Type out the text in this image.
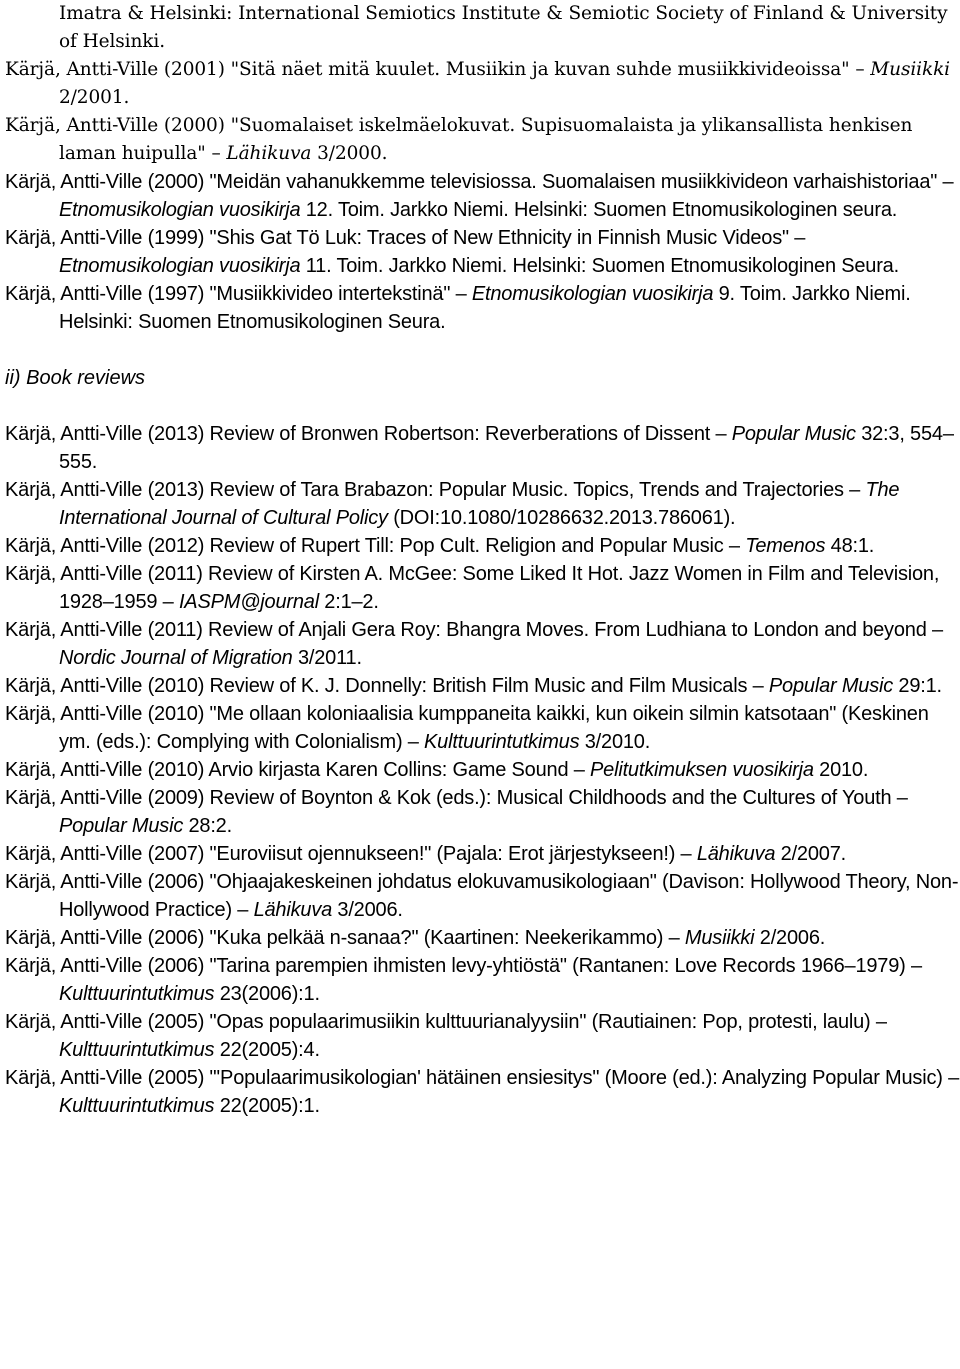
Imatra & Helsinki: International Semiotics Institute & Semiotic Society of Finland & University of Helsinki.

Kärjä, Antti-Ville (2001) "Sitä näet mitä kuulet. Musiikin ja kuvan suhde musiikkivideoissa" – Musiikki 2/2001.

Kärjä, Antti-Ville (2000) "Suomalaiset iskelmäelokuvat. Supisuomalaista ja ylikansallista henkisen laman huipulla" – Lähikuva 3/2000.

Kärjä, Antti-Ville (2000) "Meidän vahanukkemme televisiossa. Suomalaisen musiikkivideon varhaishistoriaa" – Etnomusikologian vuosikirja 12. Toim. Jarkko Niemi. Helsinki: Suomen Etnomusikologinen seura.

Kärjä, Antti-Ville (1999) "Shis Gat Tö Luk: Traces of New Ethnicity in Finnish Music Videos" – Etnomusikologian vuosikirja 11. Toim. Jarkko Niemi. Helsinki: Suomen Etnomusikologinen Seura.

Kärjä, Antti-Ville (1997) "Musiikkivideo intertekstinä" – Etnomusikologian vuosikirja 9. Toim. Jarkko Niemi. Helsinki: Suomen Etnomusikologinen Seura.

ii) Book reviews

Kärjä, Antti-Ville (2013) Review of Bronwen Robertson: Reverberations of Dissent – Popular Music 32:3, 554–555.

Kärjä, Antti-Ville (2013) Review of Tara Brabazon: Popular Music. Topics, Trends and Trajectories – The International Journal of Cultural Policy (DOI:10.1080/10286632.2013.786061).

Kärjä, Antti-Ville (2012) Review of Rupert Till: Pop Cult. Religion and Popular Music – Temenos 48:1.

Kärjä, Antti-Ville (2011) Review of Kirsten A. McGee: Some Liked It Hot. Jazz Women in Film and Television, 1928–1959 – IASPM@journal 2:1–2.

Kärjä, Antti-Ville (2011) Review of Anjali Gera Roy: Bhangra Moves. From Ludhiana to London and beyond – Nordic Journal of Migration 3/2011.

Kärjä, Antti-Ville (2010) Review of K. J. Donnelly: British Film Music and Film Musicals – Popular Music 29:1.

Kärjä, Antti-Ville (2010) "Me ollaan koloniaalisia kumppaneita kaikki, kun oikein silmin katsotaan" (Keskinen ym. (eds.): Complying with Colonialism) – Kulttuurintutkimus 3/2010.

Kärjä, Antti-Ville (2010) Arvio kirjasta Karen Collins: Game Sound – Pelitutkimuksen vuosikirja 2010.

Kärjä, Antti-Ville (2009) Review of Boynton & Kok (eds.): Musical Childhoods and the Cultures of Youth – Popular Music 28:2.

Kärjä, Antti-Ville (2007) "Euroviisut ojennukseen!" (Pajala: Erot järjestykseen!) – Lähikuva 2/2007.

Kärjä, Antti-Ville (2006) "Ohjaajakeskeinen johdatus elokuvamusikologiaan" (Davison: Hollywood Theory, Non-Hollywood Practice) – Lähikuva 3/2006.

Kärjä, Antti-Ville (2006) "Kuka pelkää n-sanaa?" (Kaartinen: Neekerikammo) – Musiikki 2/2006.

Kärjä, Antti-Ville (2006) "Tarina parempien ihmisten levy-yhtiöstä" (Rantanen: Love Records 1966–1979) – Kulttuurintutkimus 23(2006):1.

Kärjä, Antti-Ville (2005) "Opas populaarimusiikin kulttuurianalyysiin" (Rautiainen: Pop, protesti, laulu) – Kulttuurintutkimus 22(2005):4.

Kärjä, Antti-Ville (2005) "'Populaarimusikologian' hätäinen ensiesitys" (Moore (ed.): Analyzing Popular Music) – Kulttuurintutkimus 22(2005):1.
